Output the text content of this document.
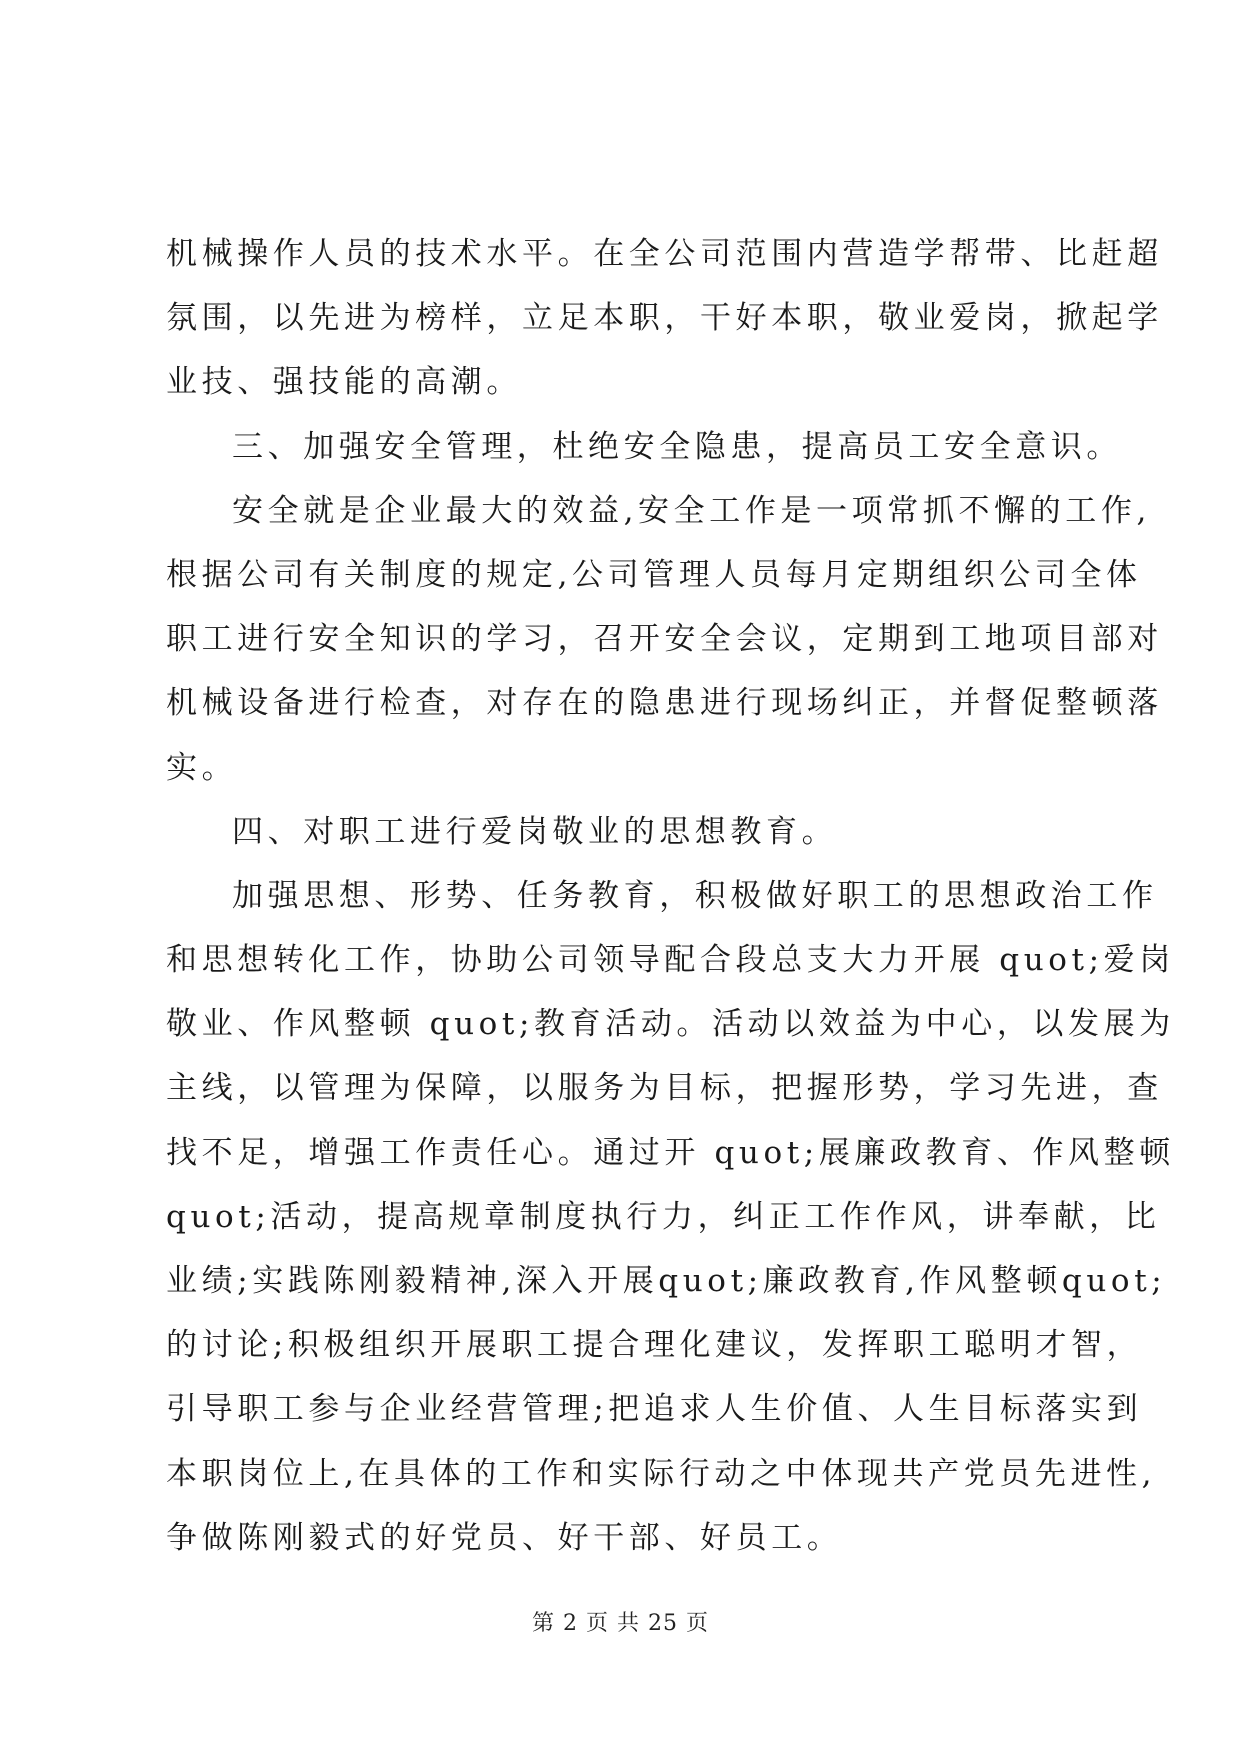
机械操作人员的技术水平。在全公司范围内营造学帮带、比赶超
氛围，以先进为榜样，立足本职，干好本职，敬业爱岗，掀起学
业技、强技能的高潮。
三、加强安全管理，杜绝安全隐患，提高员工安全意识。
安全就是企业最大的效益,安全工作是一项常抓不懈的工作,
根据公司有关制度的规定,公司管理人员每月定期组织公司全体
职工进行安全知识的学习，召开安全会议，定期到工地项目部对
机械设备进行检查，对存在的隐患进行现场纠正，并督促整顿落
实。
四、对职工进行爱岗敬业的思想教育。
加强思想、形势、任务教育，积极做好职工的思想政治工作
和思想转化工作，协助公司领导配合段总支大力开展 quot;爱岗
敬业、作风整顿 quot;教育活动。活动以效益为中心，以发展为
主线，以管理为保障，以服务为目标，把握形势，学习先进，查
找不足，增强工作责任心。通过开 quot;展廉政教育、作风整顿
quot;活动，提高规章制度执行力，纠正工作作风，讲奉献，比
业绩;实践陈刚毅精神,深入开展quot;廉政教育,作风整顿quot;
的讨论;积极组织开展职工提合理化建议，发挥职工聪明才智，
引导职工参与企业经营管理;把追求人生价值、人生目标落实到
本职岗位上,在具体的工作和实际行动之中体现共产党员先进性,
争做陈刚毅式的好党员、好干部、好员工。
第 2 页 共 25 页
